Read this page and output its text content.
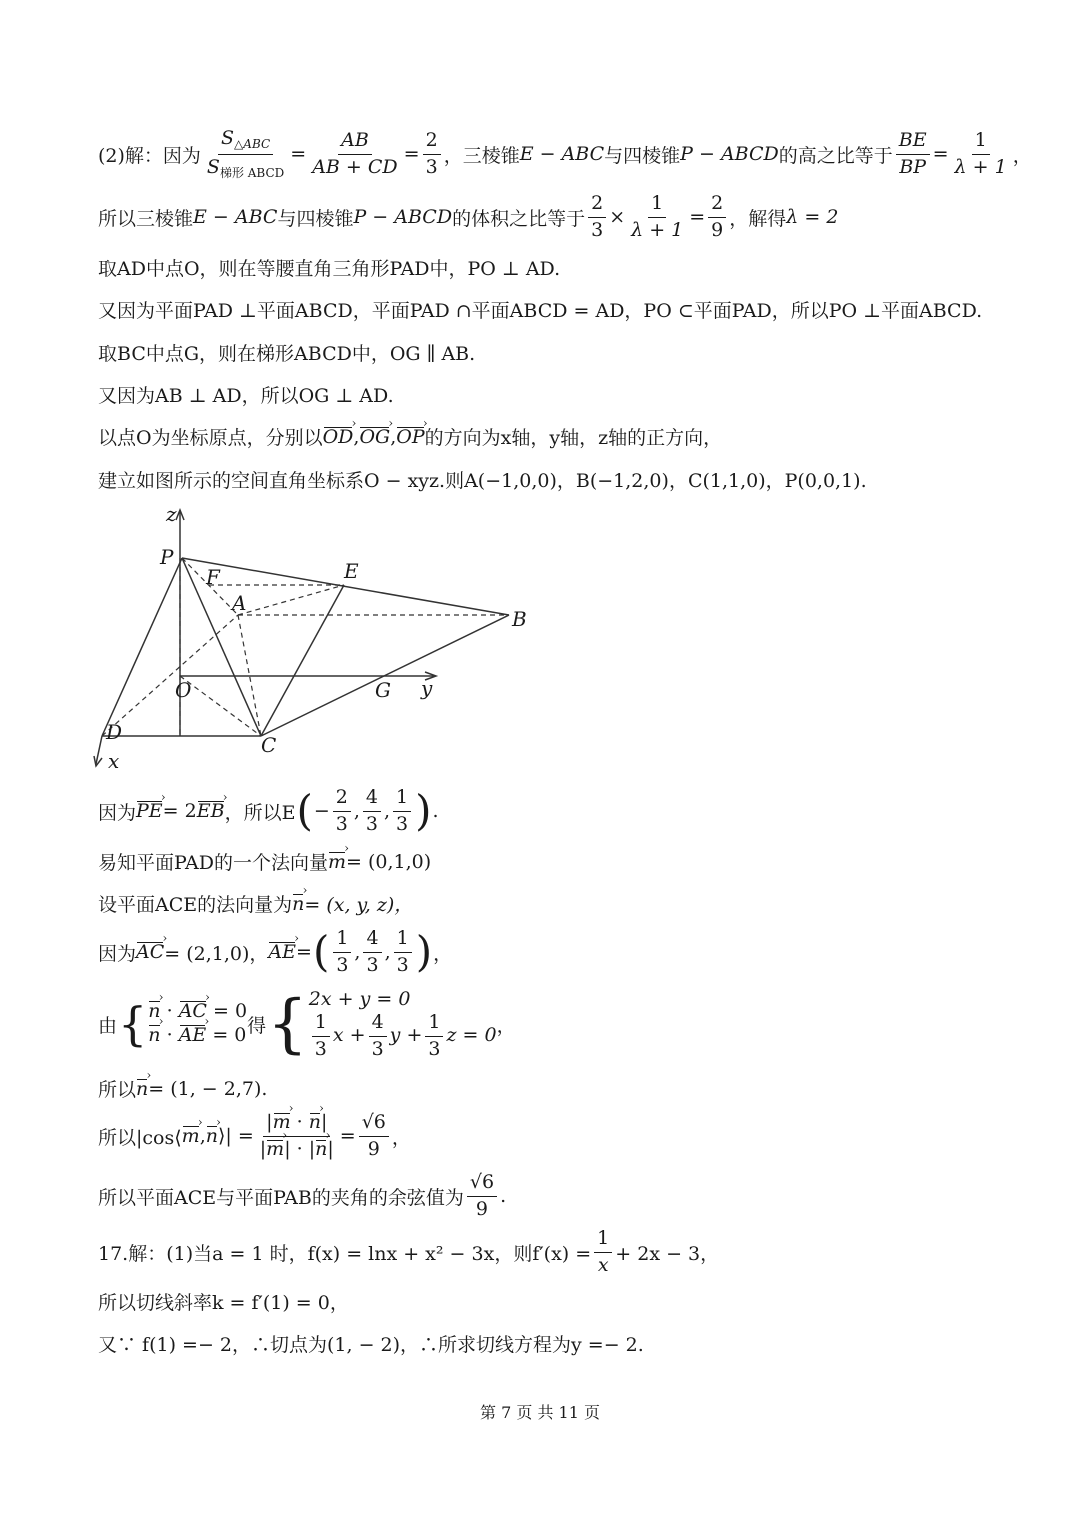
(2)解：因为 $\frac{S_{\triangle ABC}}{S_{梯形 ABCD}} = \frac{AB}{AB + CD} = \frac{2}{3}$ ，三棱锥 E − ABC 与四棱锥 P − ABCD 的高之比等于 $\frac{BE}{BP} = \frac{1}{\lambda + 1}$ ，
所以三棱锥 E − ABC 与四棱锥 P − ABCD 的体积之比等于 $\frac{2}{3} \times \frac{1}{\lambda + 1} = \frac{2}{9}$ ，解得 λ = 2
取AD中点O，则在等腰直角三角形PAD中，PO ⊥ AD.
又因为平面PAD ⊥平面ABCD，平面PAD ∩平面ABCD = AD，PO ⊂平面PAD，所以PO ⊥平面ABCD.
取BC中点G，则在梯形ABCD中，OG ∥ AB.
又因为AB ⊥ AD，所以OG ⊥ AD.
以点O为坐标原点，分别以 OD › , OG › , OP › 的方向为x轴，y轴，z轴的正方向，
建立如图所示的空间直角坐标系O − xyz.则A(−1,0,0)，B(−1,2,0)，C(1,1,0)，P(0,0,1).
z
P
F	E
A
B
O	G y
D
C
x
因为 PE › = 2 EB › ，所以E ( − $\frac{2}{3}$ , $\frac{4}{3}$ , $\frac{1}{3}$ ) .
易知平面PAD的一个法向量 m › = (0,1,0)
设平面ACE的法向量为 n › = (x, y, z)，
因为 AC › = (2,1,0)， AE › = ( $\frac{1}{3}$ , $\frac{4}{3}$ , $\frac{1}{3}$ ) ，
由 { n › · AC › = 0
n › · AE › = 0 得 { 2x + y = 0
$\frac{1}{3}$ $x + \frac{4}{3}$ $y + \frac{1}{3}$ z = 0 ，
所以 n › = (1, − 2,7).
所以|cos⟨ m › , n › ⟩| = $\frac{|m › \cdot n ›|}{|m ›| \cdot |n ›|} = \frac{√6}{9}$ ，
所以平面ACE与平面PAB的夹角的余弦值为 $\frac{√6}{9}$ .
17.解：(1)当a = 1 时，f(x) = lnx + x² − 3x，则$f'(x) = \frac{1}{x} + 2x - 3$，
所以切线斜率k = f′(1) = 0，
又∵ f(1) =− 2，∴切点为(1, − 2)，∴所求切线方程为y =− 2.
第 7 页 共 11 页
